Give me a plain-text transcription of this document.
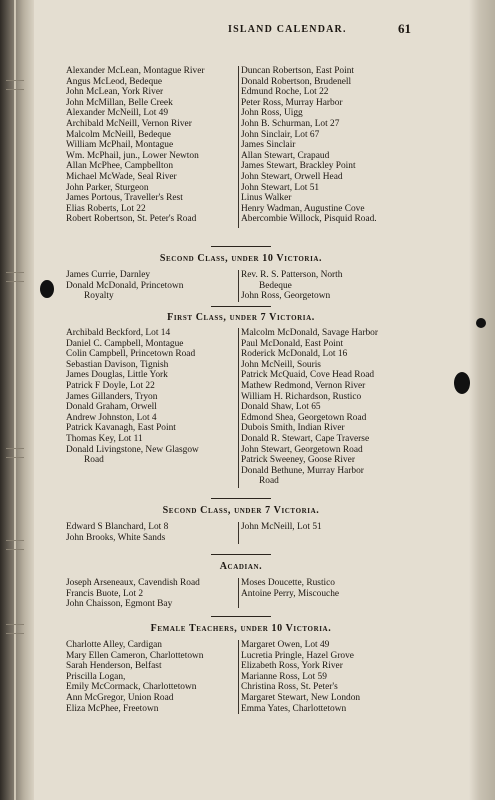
ISLAND CALENDAR.	61
Alexander McLean, Montague River
Angus McLeod, Bedeque
John McLean, York River
John McMillan, Belle Creek
Alexander McNeill, Lot 49
Archibald McNeill, Vernon River
Malcolm McNeill, Bedeque
William McPhail, Montague
Wm. McPhail, jun., Lower Newton
Allan McPhee, Campbellton
Michael McWade, Seal River
John Parker, Sturgeon
James Portous, Traveller's Rest
Elias Roberts, Lot 22
Robert Robertson, St. Peter's Road
Duncan Robertson, East Point
Donald Robertson, Brudenell
Edmund Roche, Lot 22
Peter Ross, Murray Harbor
John Ross, Uigg
John B. Schurman, Lot 27
John Sinclair, Lot 67
James Sinclair
Allan Stewart, Crapaud
James Stewart, Brackley Point
John Stewart, Orwell Head
John Stewart, Lot 51
Linus Walker
Henry Wadman, Augustine Cove
Abercombie Willock, Pisquid Road.
Second Class, under 10 Victoria.
James Currie, Darnley
Donald McDonald, Princetown
Royalty
Rev. R. S. Patterson, North
Bedeque
John Ross, Georgetown
First Class, under 7 Victoria.
Archibald Beckford, Lot 14
Daniel C. Campbell, Montague
Colin Campbell, Princetown Road
Sebastian Davison, Tignish
James Douglas, Little York
Patrick F Doyle, Lot 22
James Gillanders, Tryon
Donald Graham, Orwell
Andrew Johnston, Lot 4
Patrick Kavanagh, East Point
Thomas Key, Lot 11
Donald Livingstone, New Glasgow
Road
Malcolm McDonald, Savage Harbor
Paul McDonald, East Point
Roderick McDonald, Lot 16
John McNeill, Souris
Patrick McQuaid, Cove Head Road
Mathew Redmond, Vernon River
William H. Richardson, Rustico
Donald Shaw, Lot 65
Edmond Shea, Georgetown Road
Dubois Smith, Indian River
Donald R. Stewart, Cape Traverse
John Stewart, Georgetown Road
Patrick Sweeney, Goose River
Donald Bethune, Murray Harbor
Road
Second Class, under 7 Victoria.
Edward S Blanchard, Lot 8
John Brooks, White Sands
John McNeill, Lot 51
Acadian.
Joseph Arseneaux, Cavendish Road
Francis Buote, Lot 2
John Chaisson, Egmont Bay
Moses Doucette, Rustico
Antoine Perry, Miscouche
Female Teachers, under 10 Victoria.
Charlotte Alley, Cardigan
Mary Ellen Cameron, Charlottetown
Sarah Henderson, Belfast
Priscilla Logan,
Emily McCormack, Charlottetown
Ann McGregor, Union Road
Eliza McPhee, Freetown
Margaret Owen, Lot 49
Lucretia Pringle, Hazel Grove
Elizabeth Ross, York River
Marianne Ross, Lot 59
Christina Ross, St. Peter's
Margaret Stewart, New London
Emma Yates, Charlottetown
